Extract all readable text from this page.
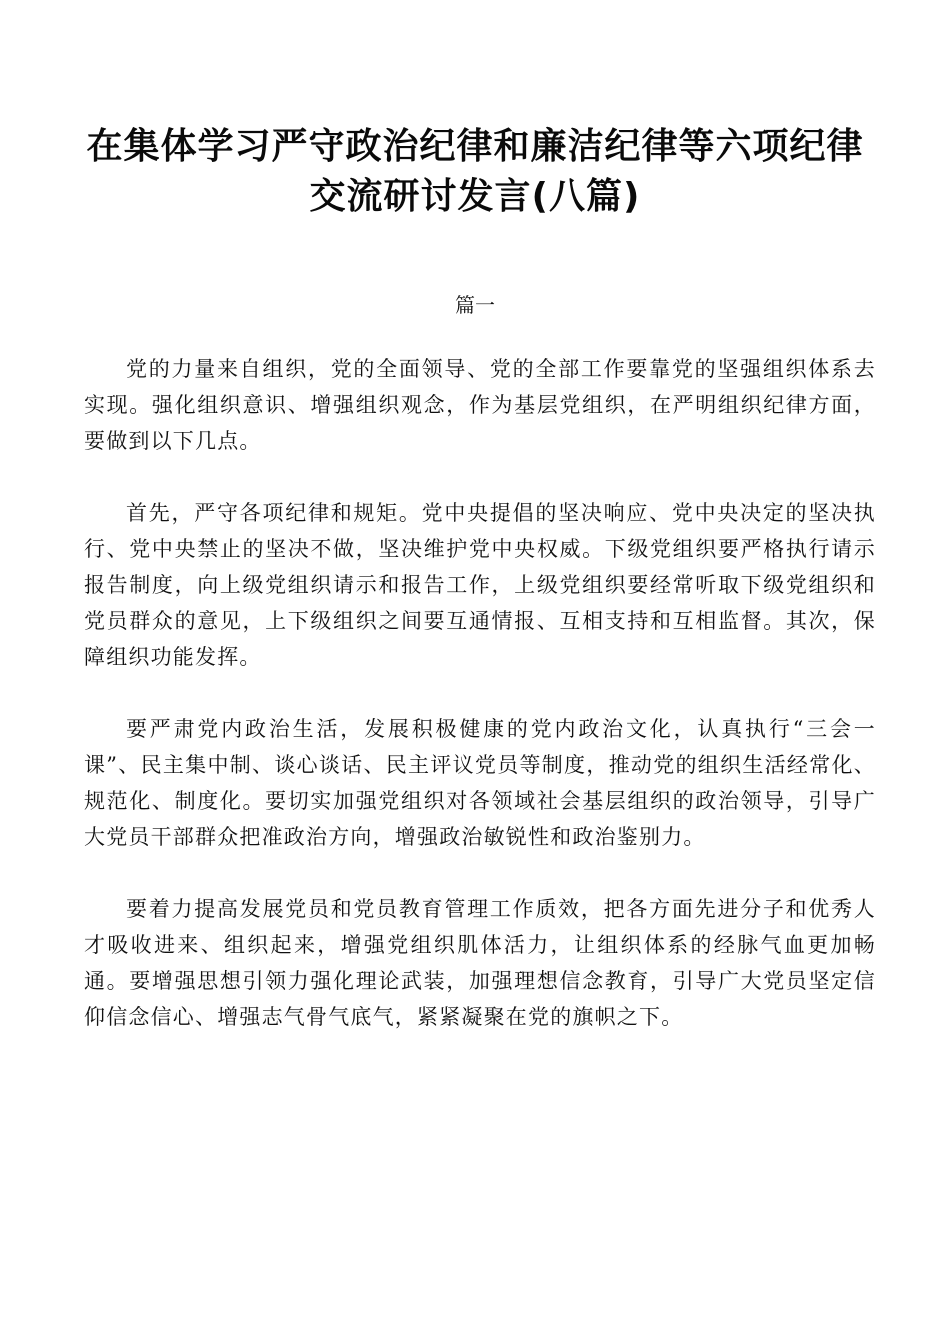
在集体学习严守政治纪律和廉洁纪律等六项纪律交流研讨发言(八篇)
篇一

党的力量来自组织，党的全面领导、党的全部工作要靠党的坚强组织体系去实现。强化组织意识、增强组织观念，作为基层党组织，在严明组织纪律方面，要做到以下几点。

首先，严守各项纪律和规矩。党中央提倡的坚决响应、党中央决定的坚决执行、党中央禁止的坚决不做，坚决维护党中央权威。下级党组织要严格执行请示报告制度，向上级党组织请示和报告工作，上级党组织要经常听取下级党组织和党员群众的意见，上下级组织之间要互通情报、互相支持和互相监督。其次，保障组织功能发挥。

要严肃党内政治生活，发展积极健康的党内政治文化，认真执行“三会一课”、民主集中制、谈心谈话、民主评议党员等制度，推动党的组织生活经常化、规范化、制度化。要切实加强党组织对各领域社会基层组织的政治领导，引导广大党员干部群众把准政治方向，增强政治敏锐性和政治鉴别力。

要着力提高发展党员和党员教育管理工作质效，把各方面先进分子和优秀人才吸收进来、组织起来，增强党组织肌体活力，让组织体系的经脉气血更加畅通。要增强思想引领力强化理论武装，加强理想信念教育，引导广大党员坚定信仰信念信心、增强志气骨气底气，紧紧凝聚在党的旗帜之下。
